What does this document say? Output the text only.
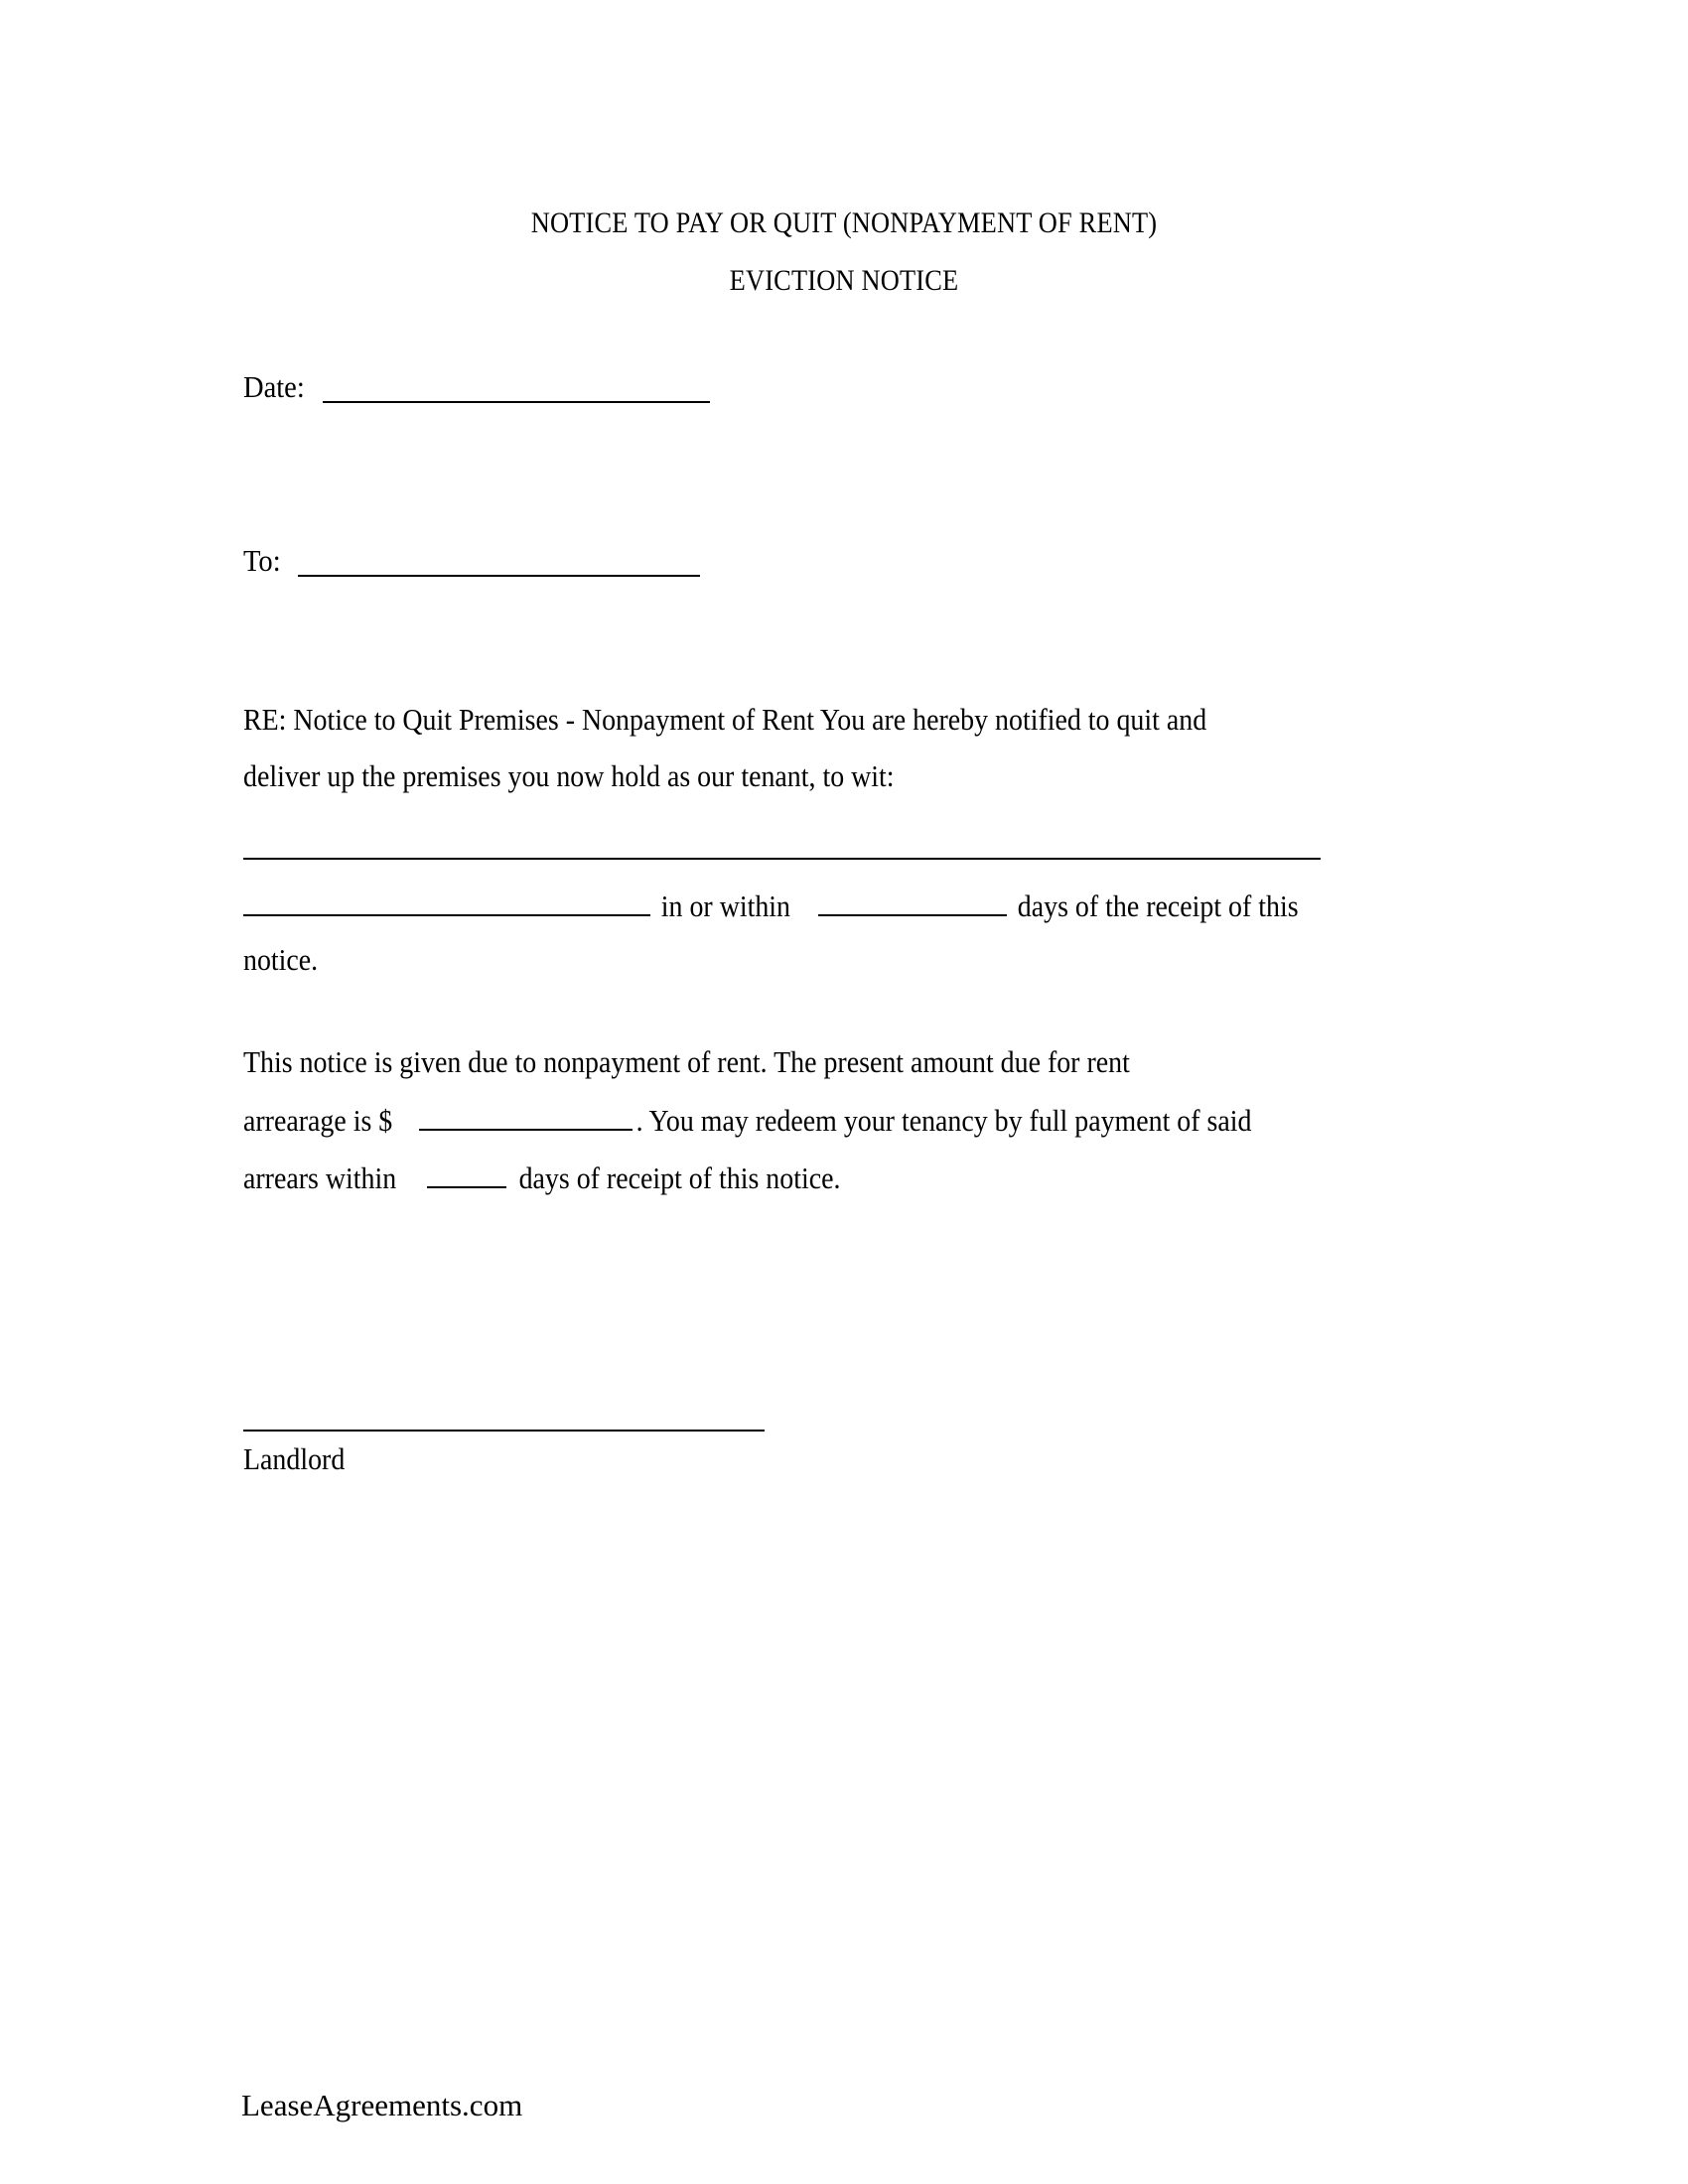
NOTICE TO PAY OR QUIT (NONPAYMENT OF RENT)
EVICTION NOTICE
Date:
To:
RE: Notice to Quit Premises - Nonpayment of Rent You are hereby notified to quit and
deliver up the premises you now hold as our tenant, to wit:
in or within	days of the receipt of this
notice.
This notice is given due to nonpayment of rent. The present amount due for rent
arrearage is $	. You may redeem your tenancy by full payment of said
arrears within	days of receipt of this notice.
Landlord
LeaseAgreements.com
